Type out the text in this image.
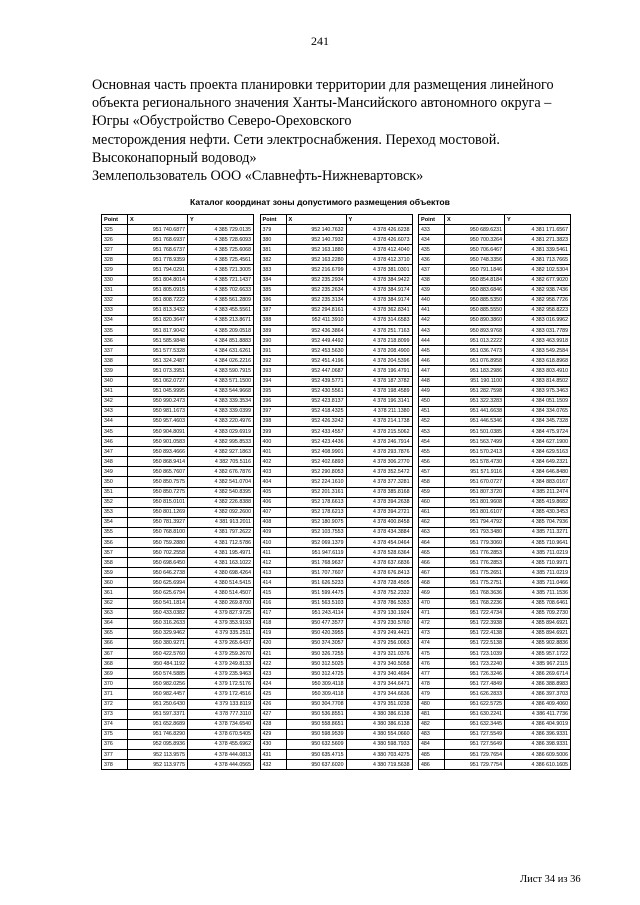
241
Основная часть проекта планировки территории для размещения линейного
объекта регионального значения Ханты-Мансийского автономного округа –
Югры «Обустройство Северо-Ореховского
месторождения нефти. Сети электроснабжения. Переход мостовой.
Высоконапорный водовод»
Землепользователь ООО «Славнефть-Нижневартовск»
Каталог координат зоны допустимого размещения объектов
Point	X	Y
325	951 740.6877	4 385 729.0135
326	951 768.6937	4 385 728.6093
327	951 768.6737	4 385 725.6068
328	951 778.9359	4 385 725.4561
329	951 794.0291	4 385 721.3005
330	951 804.8014	4 385 721.1437
331	951 805.0915	4 385 702.6633
332	951 808.7222	4 385 561.2809
333	951 813.3432	4 383 455.5561
334	951 820.3647	4 385 213.8671
335	951 817.9042	4 385 209.0518
336	951 585.9848	4 384 851.8883
337	951 577.5328	4 384 631.6261
338	951 324.2487	4 384 026.2216
339	951 073.3951	4 383 590.7915
340	951 062.0727	4 383 571.1500
341	951 045.9995	4 383 544.9668
342	950 990.2473	4 383 339.3534
343	950 981.1673	4 383 339.0399
344	950 957.4603	4 383 220.4976
345	950 904.8091	4 383 029.6919
346	950 901.0583	4 382 995.8533
347	950 893.4666	4 382 927.1863
348	950 868.9414	4 382 705.5116
349	950 865.7607	4 382 676.7876
350	950 850.7575	4 382 541.0704
351	950 850.7275	4 382 540.8395
352	950 815.0101	4 382 226.8388
353	950 801.1269	4 382 092.2600
354	950 781.3927	4 381 913.2011
355	950 768.8100	4 381 797.2622
356	950 759.2880	4 381 712.5786
357	950 702.2558	4 381 195.4971
358	950 698.6450	4 381 163.1022
359	950 646.2738	4 380 698.4264
360	950 625.6994	4 380 514.5415
361	950 625.6794	4 380 514.4507
362	950 541.1814	4 380 269.8700
363	950 433.0382	4 379 827.9725
364	950 316.2633	4 379 353.9193
365	950 329.9462	4 379 335.2511
366	950 380.9271	4 379 265.6437
367	950 422.5760	4 379 259.2670
368	950 484.1192	4 379 249.8133
369	950 574.5885	4 379 235.9463
370	950 982.0256	4 379 172.5176
371	950 982.4457	4 379 172.4516
372	951 250.6430	4 379 133.8119
373	951 597.3371	4 378 777.3110
374	951 652.8689	4 378 734.6540
375	951 746.8290	4 378 670.5405
376	952 095.8936	4 378 455.6962
377	952 113.9575	4 378 444.0813
378	952 113.9775	4 378 444.0565
Point	X	Y
379	952 140.7632	4 378 426.6238
380	952 140.7932	4 378 426.6073
381	952 163.1880	4 378 412.4040
382	952 163.2280	4 378 412.3710
383	952 216.6799	4 378 381.0301
384	952 235.2934	4 378 384.9422
385	952 235.2634	4 378 384.9174
386	952 235.3134	4 378 384.9174
387	952 294.8161	4 378 362.8341
388	952 411.3910	4 378 314.6583
389	952 436.3864	4 378 251.7163
390	952 449.4492	4 378 218.8099
391	952 453.5630	4 378 208.4900
392	952 451.4196	4 378 204.5396
393	952 447.0687	4 378 196.4791
394	952 439.5771	4 378 187.3782
395	952 430.5561	4 378 198.4589
396	952 423.8137	4 378 196.3141
397	952 418.4325	4 378 211.1380
398	952 426.3242	4 378 214.1738
399	952 433.4557	4 378 215.5062
400	952 423.4436	4 378 246.7914
401	952 408.9901	4 378 293.7876
402	952 402.6893	4 378 306.2770
403	952 290.8053	4 378 352.5472
404	952 224.1610	4 378 377.3281
405	952 201.3161	4 378 385.8168
406	952 178.6613	4 378 394.2638
407	952 178.6213	4 378 394.2721
408	952 180.9075	4 378 400.8458
409	952 103.7553	4 378 434.3884
410	952 069.1379	4 378 454.0464
411	951 947.6119	4 378 528.6364
412	951 768.9637	4 378 637.6836
413	951 707.7607	4 378 676.8413
414	951 626.5233	4 378 728.4505
415	951 599.4475	4 378 752.2332
416	951 563.5103	4 378 786.5353
417	951 243.4114	4 379 130.1924
418	950 477.3577	4 379 230.5760
419	950 420.3955	4 379 249.4421
420	950 374.3057	4 379 256.0063
421	950 326.7255	4 379 321.0376
422	950 312.5025	4 379 340.5058
423	950 312.4725	4 379 340.4694
424	950 309.4118	4 379 344.6471
425	950 309.4118	4 379 344.6636
426	950 304.7708	4 379 351.0238
427	950 536.8551	4 380 386.6138
428	950 558.8651	4 380 386.6138
429	950 598.9539	4 380 554.0660
430	950 632.5609	4 380 598.7933
431	950 635.4715	4 380 703.4275
432	950 637.6020	4 380 719.5638
Point	X	Y
433	950 689.6231	4 381 171.6567
434	950 700.3264	4 381 271.3823
435	950 706.6467	4 381 339.5461
436	950 748.3356	4 381 713.7665
437	950 791.1846	4 382 102.5304
438	950 854.8184	4 382 677.9020
439	950 883.6846	4 382 938.7436
440	950 885.5350	4 382 958.7726
441	950 885.5550	4 382 958.8223
442	950 890.3860	4 383 016.9962
443	950 893.9768	4 383 031.7789
444	951 013.2222	4 383 463.9918
445	951 036.7473	4 383 549.2584
446	951 076.8958	4 383 618.8968
447	951 183.2986	4 383 803.4910
448	951 190.1100	4 383 814.8502
449	951 282.7598	4 383 975.3463
450	951 322.3283	4 384 051.1509
451	951 441.6638	4 384 334.0765
452	951 446.5346	4 384 345.7328
453	951 501.0385	4 384 475.9724
454	951 563.7499	4 384 627.1900
455	951 570.2413	4 384 629.5163
456	951 578.4730	4 384 649.2321
457	951 571.9116	4 384 646.8480
458	951 670.0727	4 384 883.0167
459	951 807.3720	4 385 211.2474
460	951 801.9608	4 385 419.8682
461	951 801.6107	4 385 430.3453
462	951 794.4792	4 385 704.7936
463	951 793.3480	4 385 711.3271
464	951 779.3060	4 385 710.9641
465	951 776.2853	4 385 711.0219
466	951 776.2853	4 385 710.9971
467	951 775.2651	4 385 711.0219
468	951 775.2751	4 385 711.0466
469	951 768.3636	4 385 711.1536
470	951 768.2236	4 385 708.6461
471	951 722.4734	4 385 709.2730
472	951 722.3938	4 385 894.6921
473	951 722.4138	4 385 894.6921
474	951 722.5138	4 385 902.8836
475	951 723.1039	4 385 957.1722
476	951 723.2240	4 385 967.2115
477	951 726.3246	4 386 269.6714
478	951 727.4849	4 386 388.8983
479	951 626.2833	4 386 397.3703
480	951 622.5725	4 386 409.4060
481	951 630.2241	4 386 411.7736
482	951 632.3445	4 386 404.9019
483	951 727.5549	4 386 396.9331
484	951 727.5649	4 386 398.9331
485	951 729.7654	4 386 609.5006
486	951 729.7754	4 386 610.1605
Лист 34 из 36
